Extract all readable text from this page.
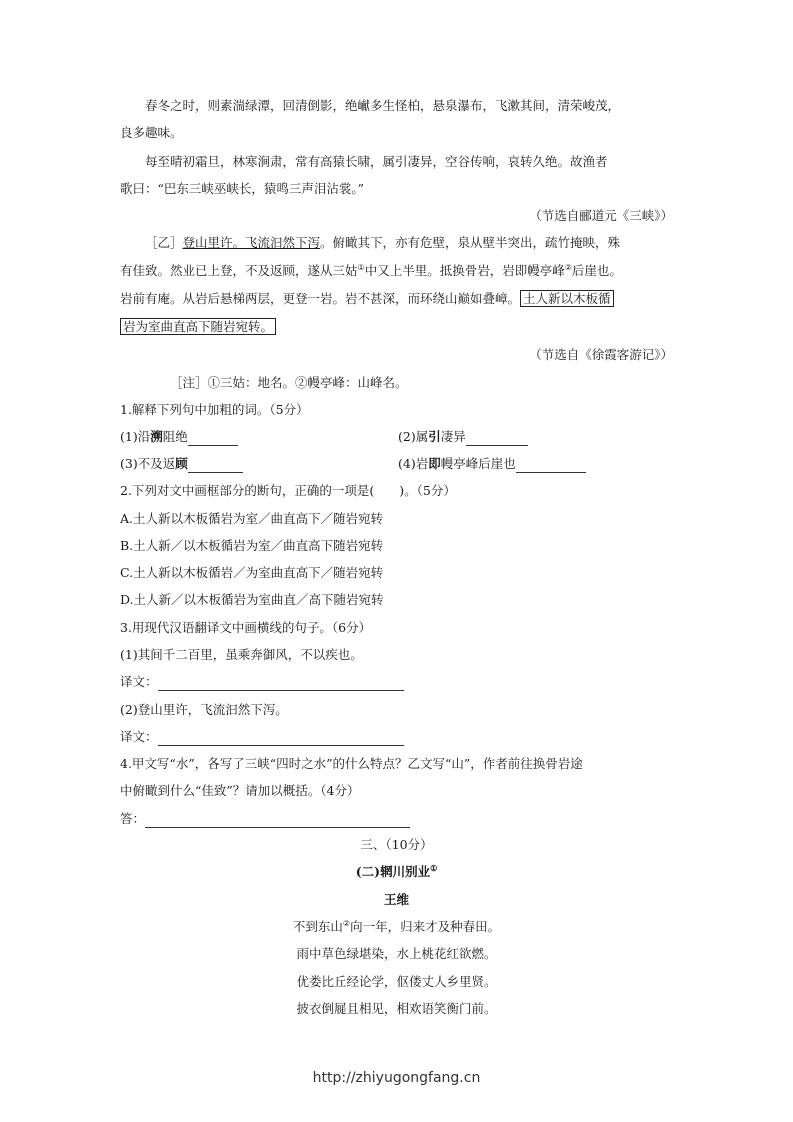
春冬之时，则素湍绿潭，回清倒影，绝𪩘多生怪柏，悬泉瀑布，飞漱其间，清荣峻茂，
良多趣味。
每至晴初霜旦，林寒涧肃，常有高猿长啸，属引凄异，空谷传响，哀转久绝。故渔者
歌曰：“巴东三峡巫峡长，猿鸣三声泪沾裳。”
（节选自郦道元《三峡》）
［乙］登山里许。飞流汩然下泻。俯瞰其下，亦有危壁，泉从壁半突出，疏竹掩映，殊
有佳致。然业已上登，不及返顾，遂从三姑①中又上半里。抵换骨岩，岩即幔亭峰②后崖也。
岩前有庵。从岩后悬梯两层，更登一岩。岩不甚深，而环绕山巅如叠嶂。 土人新以木板循
岩为室曲直高下随岩宛转。
（节选自《徐霞客游记》）
［注］①三姑：地名。②幔亭峰：山峰名。
1.解释下列句中加粗的词。（5分）
(1)沿溯阻绝	(2)属引凄异
(3)不及返顾	(4)岩即幔亭峰后崖也
2.下列对文中画框部分的断句，正确的一项是(　　)。（5分）
A.土人新以木板循岩为室／曲直高下／随岩宛转
B.土人新／以木板循岩为室／曲直高下随岩宛转
C.土人新以木板循岩／为室曲直高下／随岩宛转
D.土人新／以木板循岩为室曲直／高下随岩宛转
3.用现代汉语翻译文中画横线的句子。（6分）
(1)其间千二百里，虽乘奔御风，不以疾也。
译文：
(2)登山里许，飞流汩然下泻。
译文：
4.甲文写“水”，各写了三峡“四时之水”的什么特点？乙文写“山”，作者前往换骨岩途
中俯瞰到什么“佳致”？请加以概括。（4分）
答：
三、（10分）
(二)辋川别业①
王维
不到东山②向一年，归来才及种春田。
雨中草色绿堪染，水上桃花红欲燃。
优娄比丘经论学，伛偻丈人乡里贤。
披衣倒屣且相见，相欢语笑衡门前。
http://zhiyugongfang.cn
